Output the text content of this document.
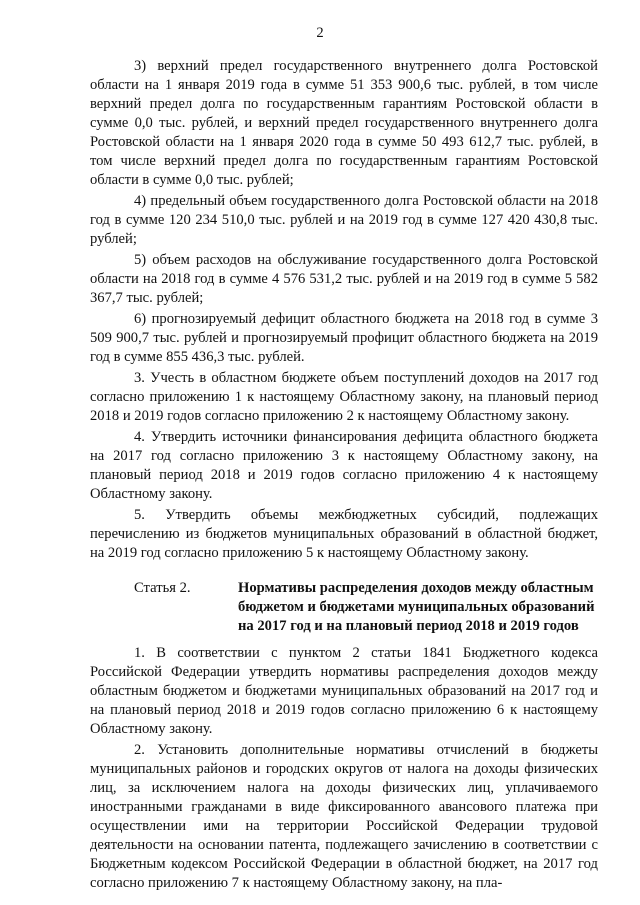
2

3) верхний предел государственного внутреннего долга Ростовской области на 1 января 2019 года в сумме 51 353 900,6 тыс. рублей, в том числе верхний предел долга по государственным гарантиям Ростовской области в сумме 0,0 тыс. рублей, и верхний предел государственного внутреннего долга Ростовской области на 1 января 2020 года в сумме 50 493 612,7 тыс. рублей, в том числе верхний предел долга по государственным гарантиям Ростовской области в сумме 0,0 тыс. рублей;

4) предельный объем государственного долга Ростовской области на 2018 год в сумме 120 234 510,0 тыс. рублей и на 2019 год в сумме 127 420 430,8 тыс. рублей;

5) объем расходов на обслуживание государственного долга Ростовской области на 2018 год в сумме 4 576 531,2 тыс. рублей и на 2019 год в сумме 5 582 367,7 тыс. рублей;

6) прогнозируемый дефицит областного бюджета на 2018 год в сумме 3 509 900,7 тыс. рублей и прогнозируемый профицит областного бюджета на 2019 год в сумме 855 436,3 тыс. рублей.

3. Учесть в областном бюджете объем поступлений доходов на 2017 год согласно приложению 1 к настоящему Областному закону, на плановый период 2018 и 2019 годов согласно приложению 2 к настоящему Областному закону.

4. Утвердить источники финансирования дефицита областного бюджета на 2017 год согласно приложению 3 к настоящему Областному закону, на плановый период 2018 и 2019 годов согласно приложению 4 к настоящему Областному закону.

5. Утвердить объемы межбюджетных субсидий, подлежащих перечислению из бюджетов муниципальных образований в областной бюджет, на 2019 год согласно приложению 5 к настоящему Областному закону.

Статья 2.	Нормативы распределения доходов между областным бюджетом и бюджетами муниципальных образований на 2017 год и на плановый период 2018 и 2019 годов

1. В соответствии с пунктом 2 статьи 1841 Бюджетного кодекса Российской Федерации утвердить нормативы распределения доходов между областным бюджетом и бюджетами муниципальных образований на 2017 год и на плановый период 2018 и 2019 годов согласно приложению 6 к настоящему Областному закону.

2. Установить дополнительные нормативы отчислений в бюджеты муниципальных районов и городских округов от налога на доходы физических лиц, за исключением налога на доходы физических лиц, уплачиваемого иностранными гражданами в виде фиксированного авансового платежа при осуществлении ими на территории Российской Федерации трудовой деятельности на основании патента, подлежащего зачислению в соответствии с Бюджетным кодексом Российской Федерации в областной бюджет, на 2017 год согласно приложению 7 к настоящему Областному закону, на пла-
